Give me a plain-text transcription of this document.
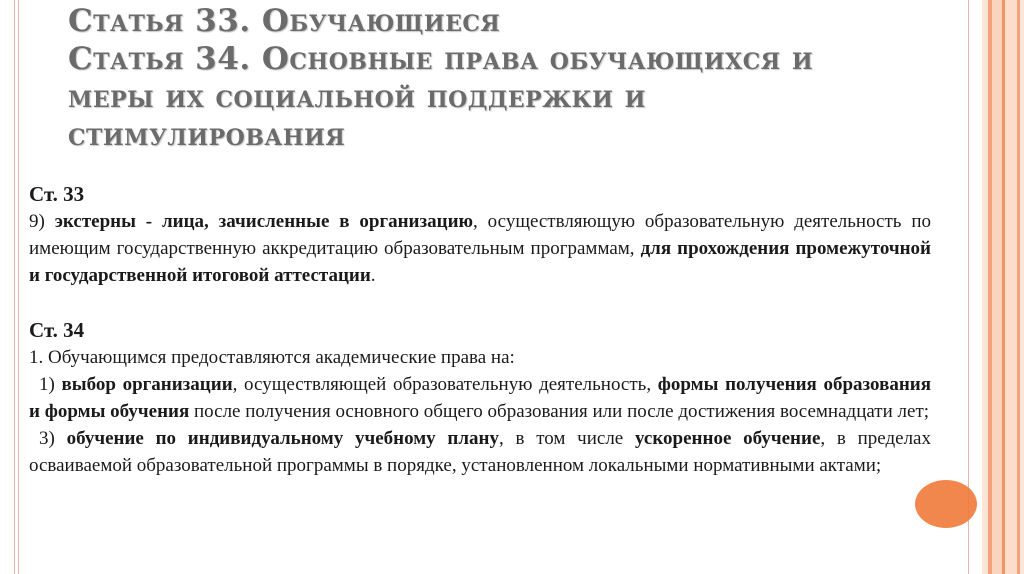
Статья 33. Обучающиеся
Статья 34. Основные права обучающихся и
меры их социальной поддержки и
стимулирования
Ст. 33
9) экстерны - лица, зачисленные в организацию, осуществляющую образовательную деятельность по имеющим государственную аккредитацию образовательным программам, для прохождения промежуточной и государственной итоговой аттестации.
Ст. 34
1. Обучающимся предоставляются академические права на:
1) выбор организации, осуществляющей образовательную деятельность, формы получения образования и формы обучения после получения основного общего образования или после достижения восемнадцати лет;
3) обучение по индивидуальному учебному плану, в том числе ускоренное обучение, в пределах осваиваемой образовательной программы в порядке, установленном локальными нормативными актами;
